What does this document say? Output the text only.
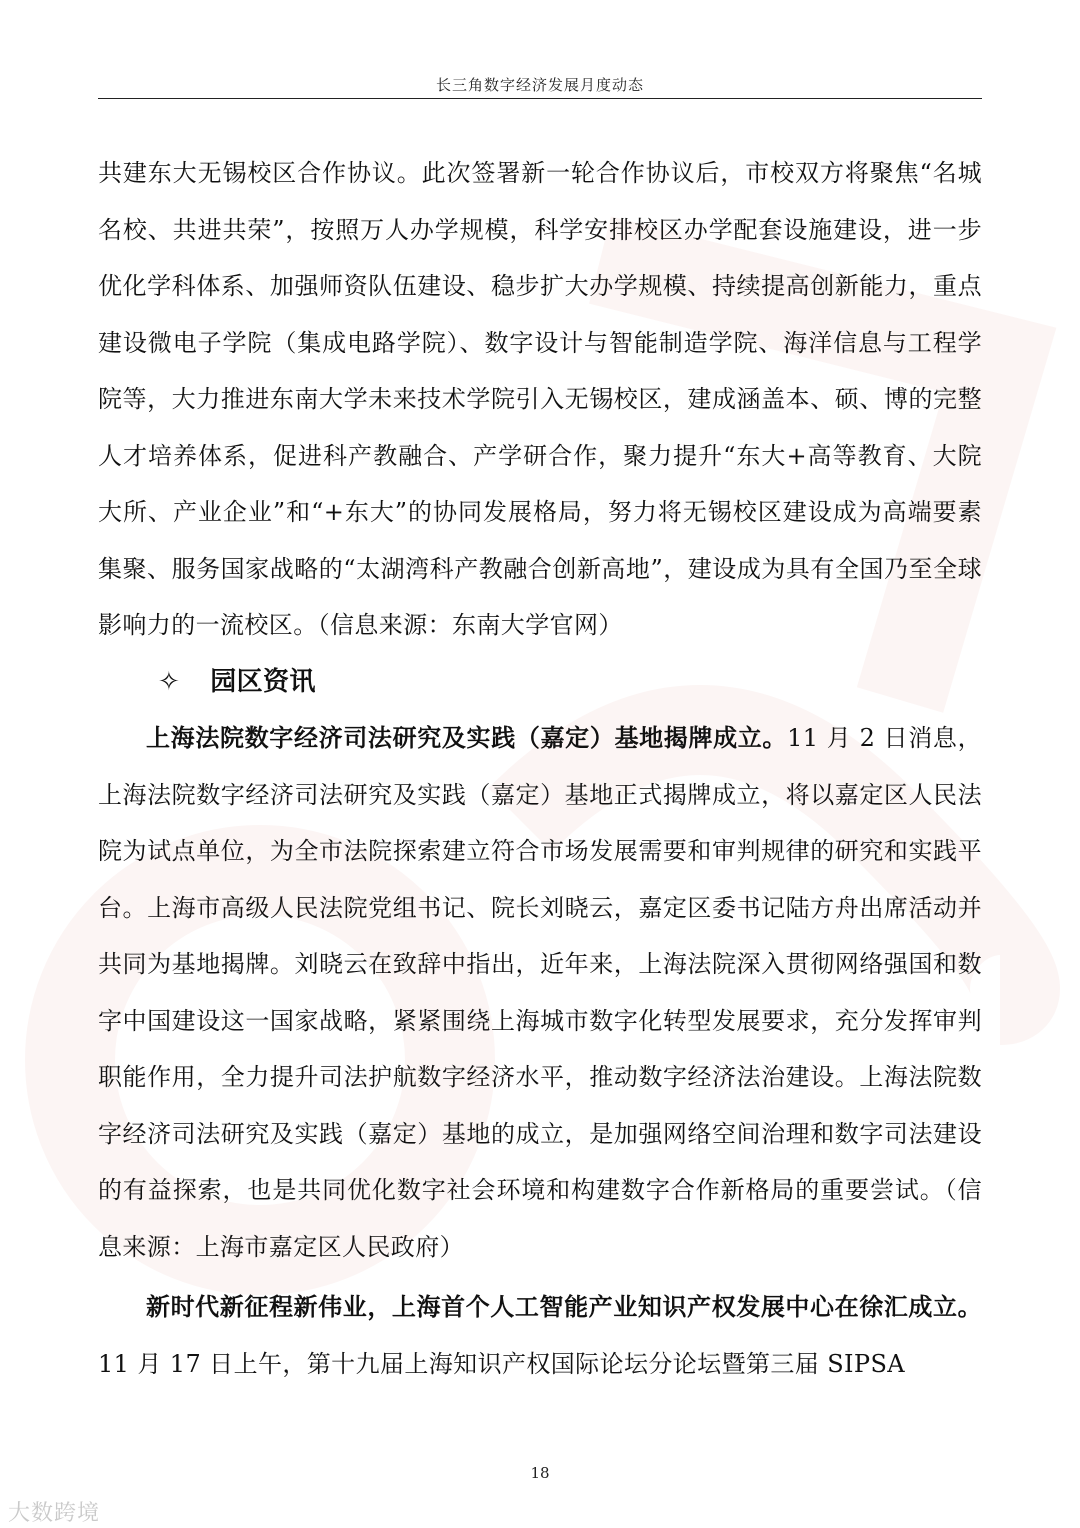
长三角数字经济发展月度动态

共建东大无锡校区合作协议。此次签署新一轮合作协议后，市校双方将聚焦“名城名校、共进共荣”，按照万人办学规模，科学安排校区办学配套设施建设，进一步优化学科体系、加强师资队伍建设、稳步扩大办学规模、持续提高创新能力，重点建设微电子学院（集成电路学院）、数字设计与智能制造学院、海洋信息与工程学院等，大力推进东南大学未来技术学院引入无锡校区，建成涵盖本、硕、博的完整人才培养体系，促进科产教融合、产学研合作，聚力提升“东大+高等教育、大院大所、产业企业”和“+东大”的协同发展格局，努力将无锡校区建设成为高端要素集聚、服务国家战略的“太湖湾科产教融合创新高地”，建设成为具有全国乃至全球影响力的一流校区。（信息来源：东南大学官网）

✧ 园区资讯

上海法院数字经济司法研究及实践（嘉定）基地揭牌成立。11 月 2 日消息，上海法院数字经济司法研究及实践（嘉定）基地正式揭牌成立，将以嘉定区人民法院为试点单位，为全市法院探索建立符合市场发展需要和审判规律的研究和实践平台。上海市高级人民法院党组书记、院长刘晓云，嘉定区委书记陆方舟出席活动并共同为基地揭牌。刘晓云在致辞中指出，近年来，上海法院深入贯彻网络强国和数字中国建设这一国家战略，紧紧围绕上海城市数字化转型发展要求，充分发挥审判职能作用，全力提升司法护航数字经济水平，推动数字经济法治建设。上海法院数字经济司法研究及实践（嘉定）基地的成立，是加强网络空间治理和数字司法建设的有益探索，也是共同优化数字社会环境和构建数字合作新格局的重要尝试。（信息来源：上海市嘉定区人民政府）

新时代新征程新伟业，上海首个人工智能产业知识产权发展中心在徐汇成立。11 月 17 日上午，第十九届上海知识产权国际论坛分论坛暨第三届 SIPSA

18
大数跨境
